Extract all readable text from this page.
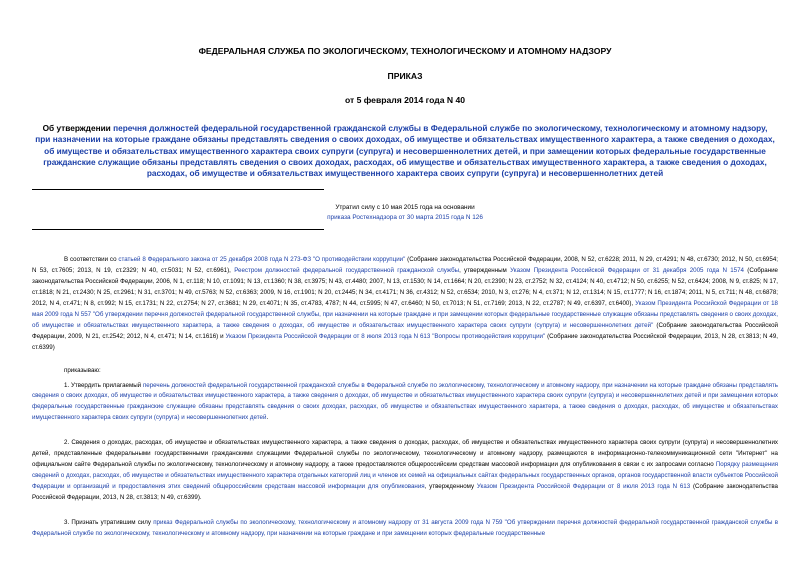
ФЕДЕРАЛЬНАЯ СЛУЖБА ПО ЭКОЛОГИЧЕСКОМУ, ТЕХНОЛОГИЧЕСКОМУ И АТОМНОМУ НАДЗОРУ
ПРИКАЗ
от 5 февраля 2014 года N 40
Об утверждении перечня должностей федеральной государственной гражданской службы в Федеральной службе по экологическому, технологическому и атомному надзору, при назначении на которые граждане обязаны представлять сведения о своих доходах, об имуществе и обязательствах имущественного характера, а также сведения о доходах, об имуществе и обязательствах имущественного характера своих супруги (супруга) и несовершеннолетних детей, и при замещении которых федеральные государственные гражданские служащие обязаны представлять сведения о своих доходах, расходах, об имуществе и обязательствах имущественного характера, а также сведения о доходах, расходах, об имуществе и обязательствах имущественного характера своих супруги (супруга) и несовершеннолетних детей
Утратил силу с 10 мая 2015 года на основании
приказа Ростехнадзора от 30 марта 2015 года N 126

В соответствии со статьей 8 Федерального закона от 25 декабря 2008 года N 273-ФЗ "О противодействии коррупции" (Собрание законодательства Российской Федерации, 2008, N 52, ст.6228; 2011, N 29, ст.4291; N 48, ст.6730; 2012, N 50, ст.6954; N 53, ст.7605; 2013, N 19, ст.2329; N 40, ст.5031; N 52, ст.6961), Реестром должностей федеральной государственной гражданской службы, утвержденным Указом Президента Российской Федерации от 31 декабря 2005 года N 1574 (Собрание законодательства Российской Федерации, 2006, N 1, ст.118; N 10, ст.1091; N 13, ст.1360; N 38, ст.3975; N 43, ст.4480; 2007, N 13, ст.1530; N 14, ст.1664; N 20, ст.2390; N 23, ст.2752; N 32, ст.4124; N 40, ст.4712; N 50, ст.6255; N 52, ст.6424; 2008, N 9, ст.825; N 17, ст.1818; N 21, ст.2430; N 25, ст.2961; N 31, ст.3701; N 49, ст.5763; N 52, ст.6363; 2009, N 16, ст.1901; N 20, ст.2445; N 34, ст.4171; N 36, ст.4312; N 52, ст.6534; 2010, N 3, ст.276; N 4, ст.371; N 12, ст.1314; N 15, ст.1777; N 16, ст.1874; 2011, N 5, ст.711; N 48, ст.6878; 2012, N 4, ст.471; N 8, ст.992; N 15, ст.1731; N 22, ст.2754; N 27, ст.3681; N 29, ст.4071; N 35, ст.4783, 4787; N 44, ст.5995; N 47, ст.6460; N 50, ст.7013; N 51, ст.7169; 2013, N 22, ст.2787; N 49, ст.6397, ст.6400), Указом Президента Российской Федерации от 18 мая 2009 года N 557 "Об утверждении перечня должностей федеральной государственной службы, при назначении на которые граждане и при замещении которых федеральные государственные служащие обязаны представлять сведения о своих доходах, об имуществе и обязательствах имущественного характера, а также сведения о доходах, об имуществе и обязательствах имущественного характера своих супруги (супруга) и несовершеннолетних детей" (Собрание законодательства Российской Федерации, 2009, N 21, ст.2542; 2012, N 4, ст.471; N 14, ст.1616) и Указом Президента Российской Федерации от 8 июля 2013 года N 613 "Вопросы противодействия коррупции" (Собрание законодательства Российской Федерации, 2013, N 28, ст.3813; N 49, ст.6399)

приказываю:

1. Утвердить прилагаемый перечень должностей федеральной государственной гражданской службы в Федеральной службе по экологическому, технологическому и атомному надзору, при назначении на которые граждане обязаны представлять сведения о своих доходах, об имуществе и обязательствах имущественного характера, а также сведения о доходах, об имуществе и обязательствах имущественного характера своих супруги (супруга) и несовершеннолетних детей и при замещении которых федеральные государственные гражданские служащие обязаны представлять сведения о своих доходах, расходах, об имуществе и обязательствах имущественного характера, а также сведения о доходах, расходах, об имуществе и обязательствах имущественного характера своих супруги (супруга) и несовершеннолетних детей.

2. Сведения о доходах, расходах, об имуществе и обязательствах имущественного характера, а также сведения о доходах, расходах, об имуществе и обязательствах имущественного характера своих супруги (супруга) и несовершеннолетних детей, представленные федеральными государственными гражданскими служащими Федеральной службы по экологическому, технологическому и атомному надзору, размещаются в информационно-телекоммуникационной сети "Интернет" на официальном сайте Федеральной службы по экологическому, технологическому и атомному надзору, а также предоставляются общероссийским средствам массовой информации для опубликования в связи с их запросами согласно Порядку размещения сведений о доходах, расходах, об имуществе и обязательствах имущественного характера отдельных категорий лиц и членов их семей на официальных сайтах федеральных государственных органов, органов государственной власти субъектов Российской Федерации и организаций и предоставления этих сведений общероссийским средствам массовой информации для опубликования, утвержденному Указом Президента Российской Федерации от 8 июля 2013 года N 613 (Собрание законодательства Российской Федерации, 2013, N 28, ст.3813; N 49, ст.6399).

3. Признать утратившим силу приказ Федеральной службы по экологическому, технологическому и атомному надзору от 31 августа 2009 года N 759 "Об утверждении перечня должностей федеральной государственной гражданской службы в Федеральной службе по экологическому, технологическому и атомному надзору, при назначении на которые граждане и при замещении которых федеральные государственные
